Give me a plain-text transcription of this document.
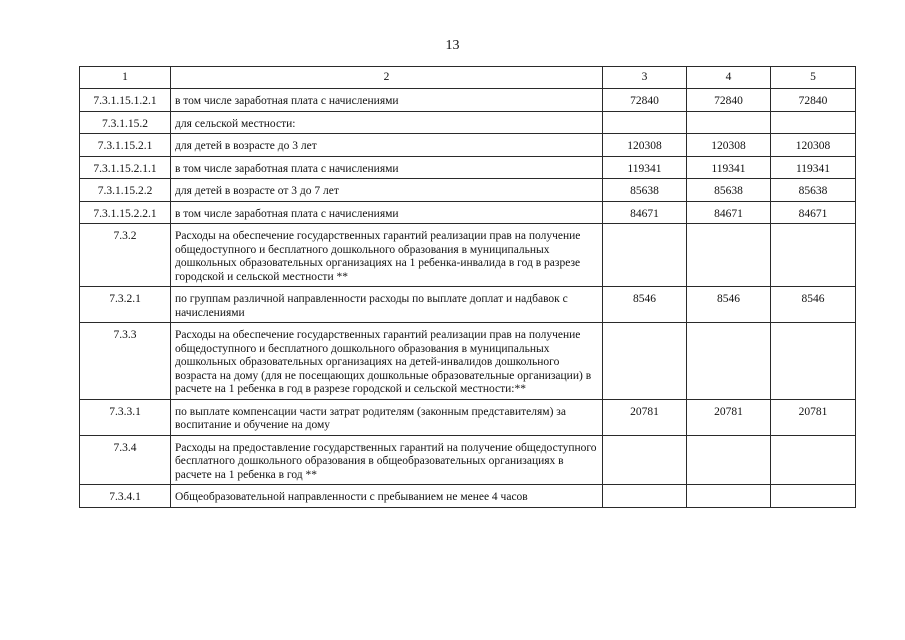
13
1	2	3	4	5
7.3.1.15.1.2.1	в том числе заработная плата с начислениями	72840	72840	72840
7.3.1.15.2	для сельской местности:			
7.3.1.15.2.1	для детей в возрасте до 3 лет	120308	120308	120308
7.3.1.15.2.1.1	в том числе заработная плата с начислениями	119341	119341	119341
7.3.1.15.2.2	для детей в возрасте от 3 до 7 лет	85638	85638	85638
7.3.1.15.2.2.1	в том числе заработная плата с начислениями	84671	84671	84671
7.3.2	Расходы на обеспечение государственных гарантий реализации прав на получение общедоступного и бесплатного дошкольного образования в муниципальных дошкольных образовательных организациях на 1 ребенка-инвалида в год в разрезе городской и сельской местности **			
7.3.2.1	по группам различной направленности расходы по выплате доплат и надбавок с начислениями	8546	8546	8546
7.3.3	Расходы на обеспечение государственных гарантий реализации прав на получение общедоступного и бесплатного дошкольного образования в муниципальных дошкольных образовательных организациях на детей-инвалидов дошкольного возраста на дому (для не посещающих дошкольные образовательные организации) в расчете на 1 ребенка в год в разрезе городской и сельской местности:**			
7.3.3.1	по выплате компенсации части затрат родителям (законным представителям) за воспитание и обучение на дому	20781	20781	20781
7.3.4	Расходы на предоставление государственных гарантий на получение общедоступного бесплатного дошкольного образования в общеобразовательных организациях в расчете на 1 ребенка в год **			
7.3.4.1	Общеобразовательной направленности с пребыванием не менее 4 часов			
